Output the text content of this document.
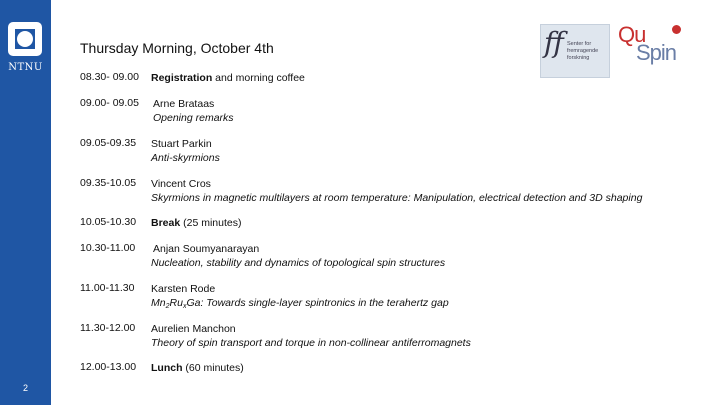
NTNU
2
Thursday Morning, October 4th	ff Senter for fremragende forskning
Qu
Spin
08.30- 09.00 Registration and morning coffee
09.00- 09.05 Arne Brataas
Opening remarks
09.05-09.35 Stuart Parkin
Anti-skyrmions
09.35-10.05 Vincent Cros
Skyrmions in magnetic multilayers at room temperature: Manipulation, electrical detection and 3D shaping
10.05-10.30 Break (25 minutes)
10.30-11.00 Anjan Soumyanarayan
Nucleation, stability and dynamics of topological spin structures
11.00-11.30 Karsten Rode
$Mn_2Ru_xGa$: Towards single-layer spintronics in the terahertz gap
11.30-12.00 Aurelien Manchon
Theory of spin transport and torque in non-collinear antiferromagnets
12.00-13.00 Lunch (60 minutes)
